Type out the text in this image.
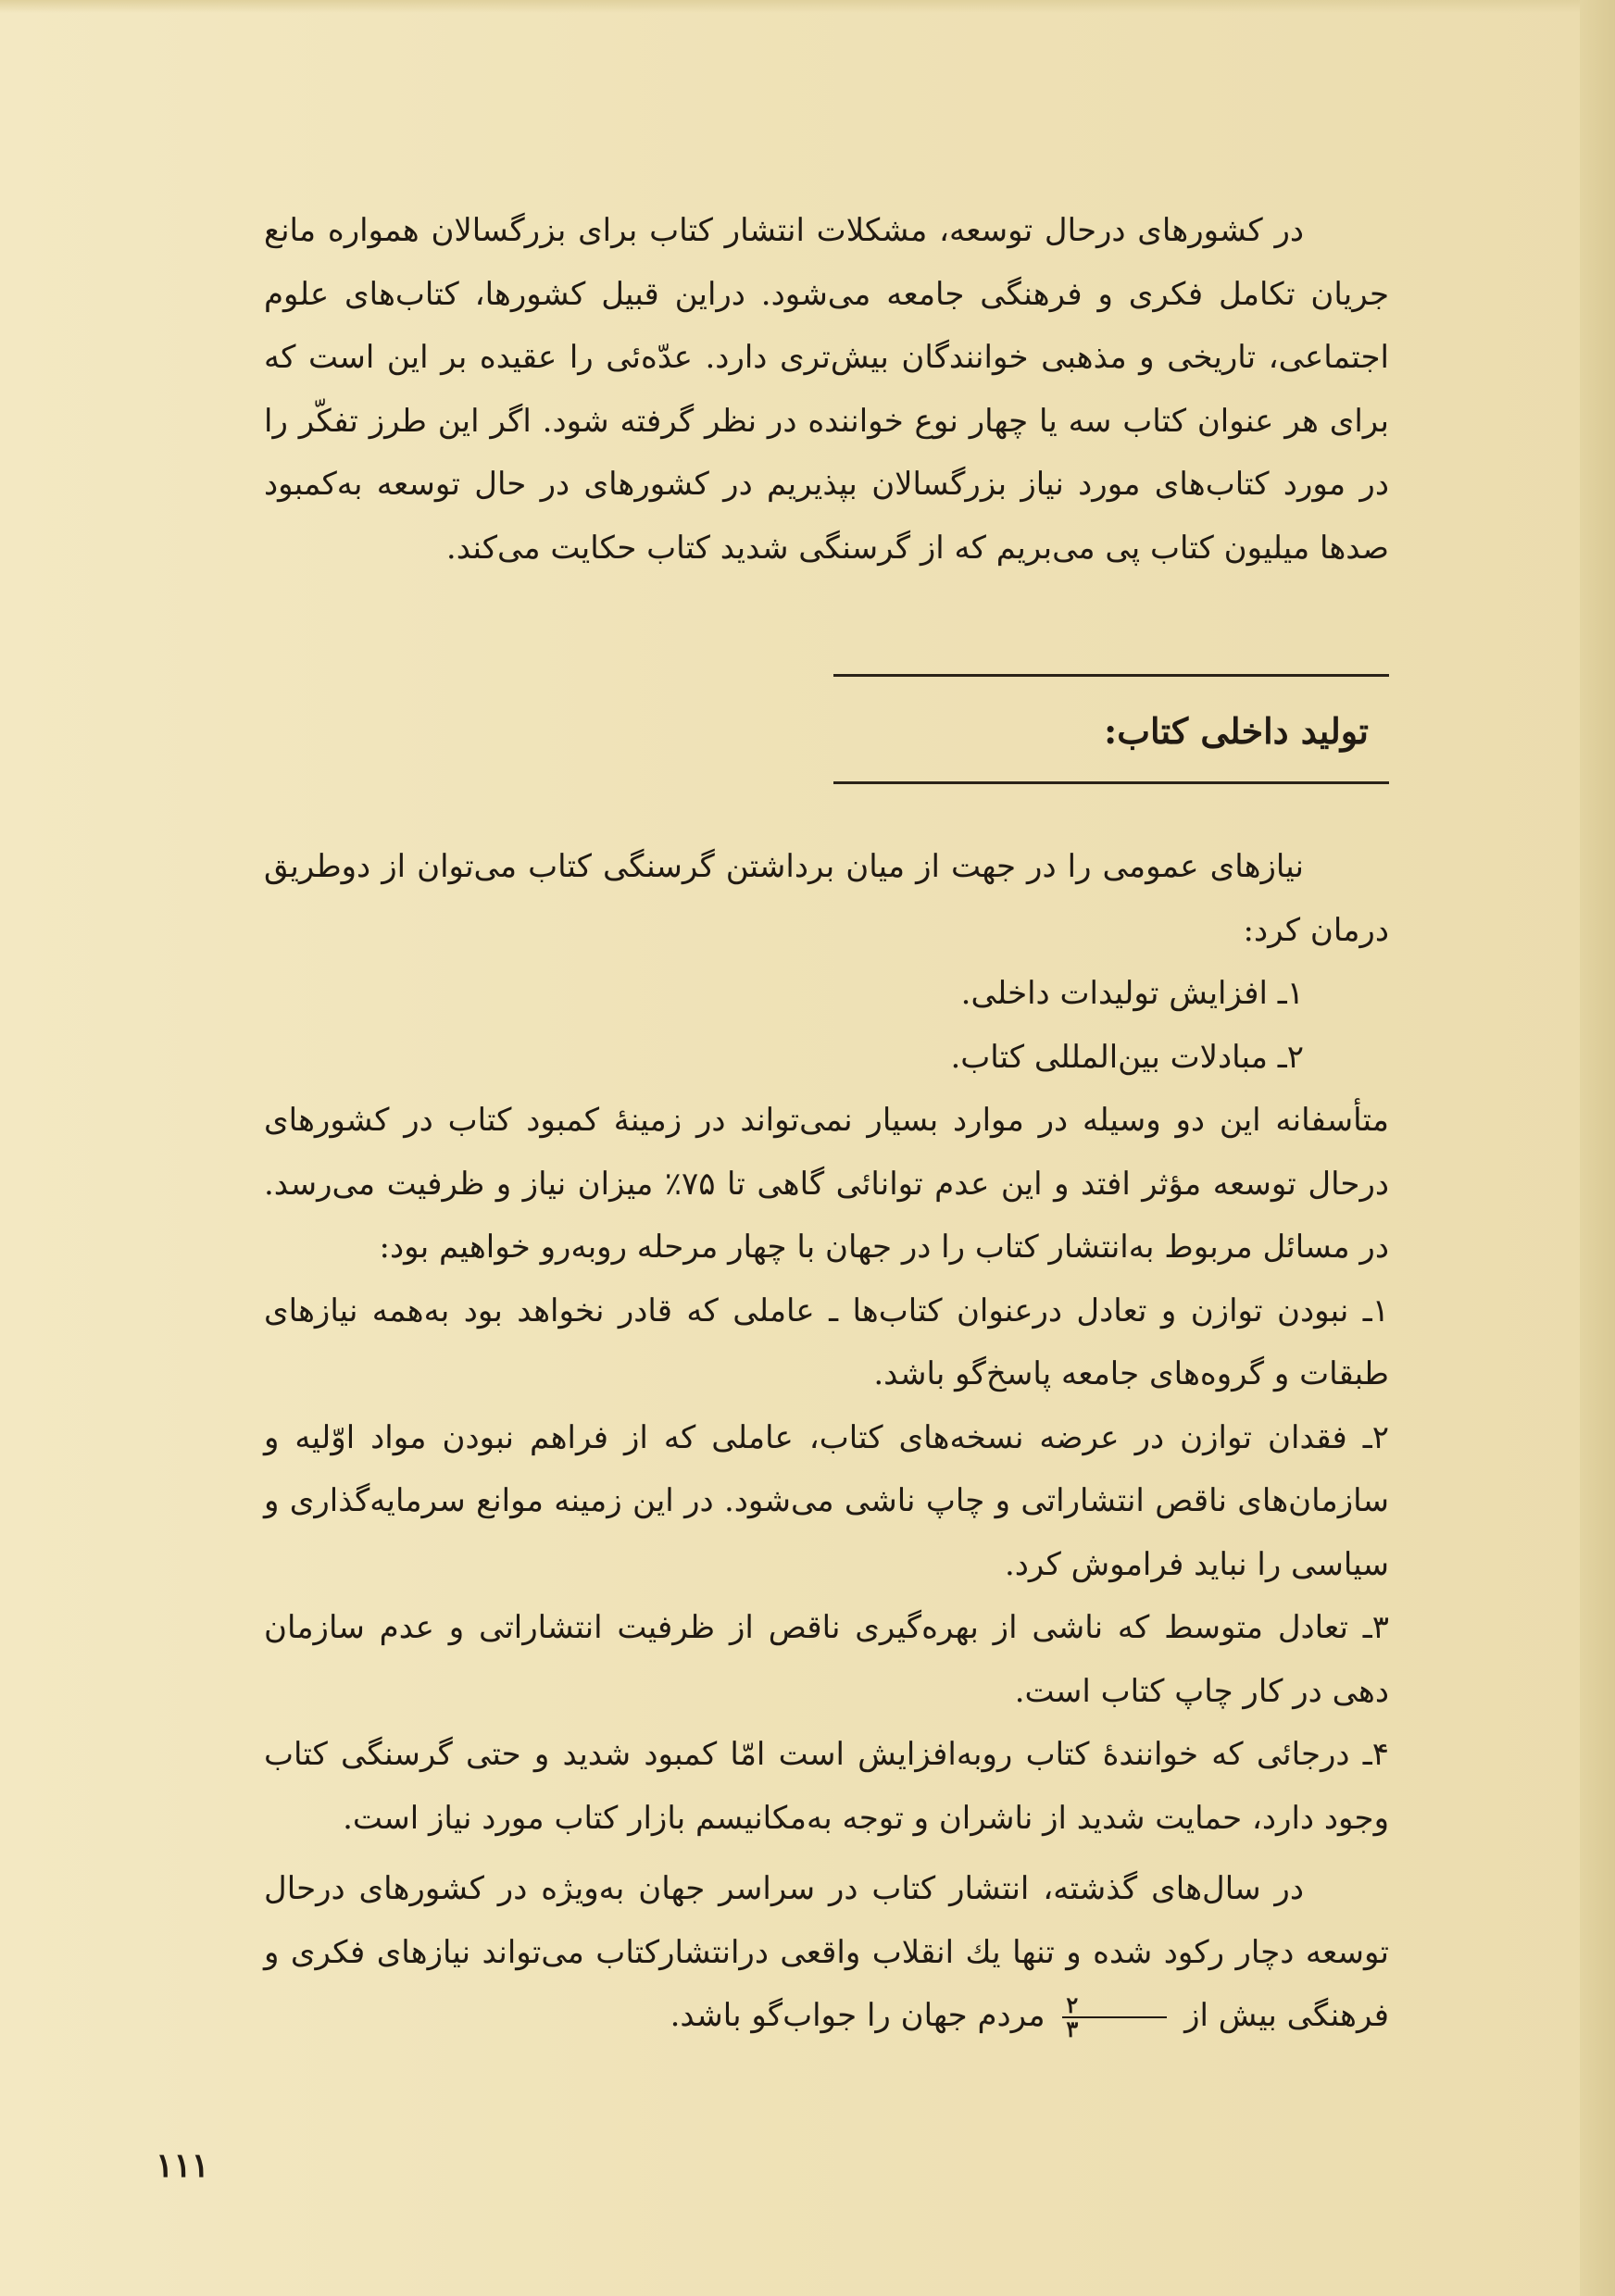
در کشورهای درحال توسعه، مشکلات انتشار کتاب برای بزرگسالان همواره مانع جریان تکامل فکری و فرهنگی جامعه می‌شود. دراین قبیل کشورها، کتاب‌های علوم اجتماعی، تاریخی و مذهبی خوانندگان بیش‌تری دارد. عدّه‌ئی را عقیده بر این است که برای هر عنوان کتاب سه یا چهار نوع خواننده در نظر گرفته شود. اگر این طرز تفکّر را در مورد کتاب‌های مورد نیاز بزرگسالان بپذیریم در کشورهای در حال توسعه به‌کمبود صدها میلیون کتاب پی می‌بریم که از گرسنگی شدید کتاب حکایت می‌کند.

تولید داخلی کتاب:

نیازهای عمومی را در جهت از میان برداشتن گرسنگی کتاب می‌توان از دوطریق درمان کرد:

۱ـ افزایش تولیدات داخلی.

۲ـ مبادلات بین‌المللی کتاب.

متأسفانه این دو وسیله در موارد بسیار نمی‌تواند در زمینهٔ کمبود کتاب در کشورهای درحال توسعه مؤثر افتد و این عدم توانائی گاهی تا ۷۵٪ میزان نیاز و ظرفیت می‌رسد. در مسائل مربوط به‌انتشار کتاب را در جهان با چهار مرحله روبه‌رو خواهیم بود:

۱ـ نبودن توازن و تعادل درعنوان کتاب‌ها ـ عاملی که قادر نخواهد بود به‌همه نیازهای طبقات و گروه‌های جامعه پاسخ‌گو باشد.

۲ـ فقدان توازن در عرضه نسخه‌های کتاب، عاملی که از فراهم نبودن مواد اوّلیه و سازمان‌های ناقص انتشاراتی و چاپ ناشی می‌شود. در این زمینه موانع سرمایه‌گذاری و سیاسی را نباید فراموش کرد.

۳ـ تعادل متوسط که ناشی از بهره‌گیری ناقص از ظرفیت انتشاراتی و عدم سازمان دهی در کار چاپ کتاب است.

۴ـ درجائی که خوانندهٔ کتاب روبه‌افزایش است امّا کمبود شدید و حتی گرسنگی کتاب وجود دارد، حمایت شدید از ناشران و توجه به‌مکانیسم بازار کتاب مورد نیاز است.

در سال‌های گذشته، انتشار کتاب در سراسر جهان به‌ویژه در کشورهای درحال توسعه دچار رکود شده و تنها یك انقلاب واقعی درانتشارکتاب می‌تواند نیازهای فکری و فرهنگی بیش از
$\frac{۲}{۳}$
مردم جهان را جواب‌گو باشد.

۱۱۱
